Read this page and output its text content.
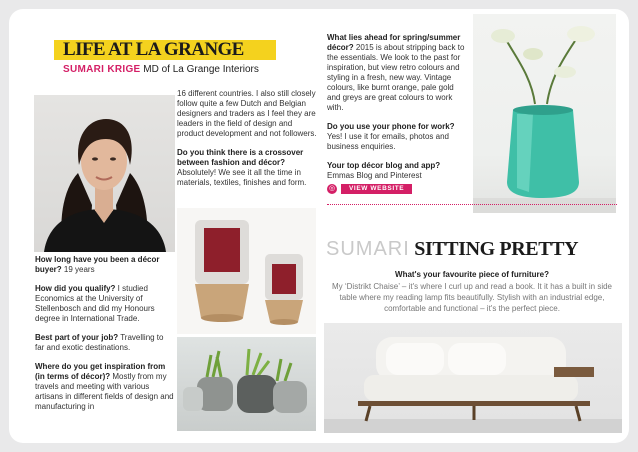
LIFE AT LA GRANGE
SUMARI KRIGE MD of La Grange Interiors

How long have you been a décor buyer? 19 years

How did you qualify? I studied Economics at the University of Stellenbosch and did my Honours degree in International Trade.

Best part of your job? Travelling to far and exotic destinations.

Where do you get inspiration from (in terms of décor)? Mostly from my travels and meeting with various artisans in different fields of design and manufacturing in

16 different countries. I also still closely follow quite a few Dutch and Belgian designers and traders as I feel they are leaders in the field of design and product development and not followers.

Do you think there is a crossover between fashion and décor?
Absolutely! We see it all the time in materials, textiles, finishes and form.

What lies ahead for spring/summer décor? 2015 is about stripping back to the essentials. We look to the past for inspiration, but view retro colours and styling in a fresh, new way. Vintage colours, like burnt orange, pale gold and greys are great colours to work with.

Do you use your phone for work?
Yes! I use it for emails, photos and business enquiries.

Your top décor blog and app?
Emmas Blog and Pinterest

◎	VIEW WEBSITE
SUMARI SITTING PRETTY
What's your favourite piece of furniture?
My ‘Distrikt Chaise’ – it's where I curl up and read a book. It it has a built in side table where my reading lamp fits beautifully. Stylish with an industrial edge, comfortable and functional – it's the perfect piece.
